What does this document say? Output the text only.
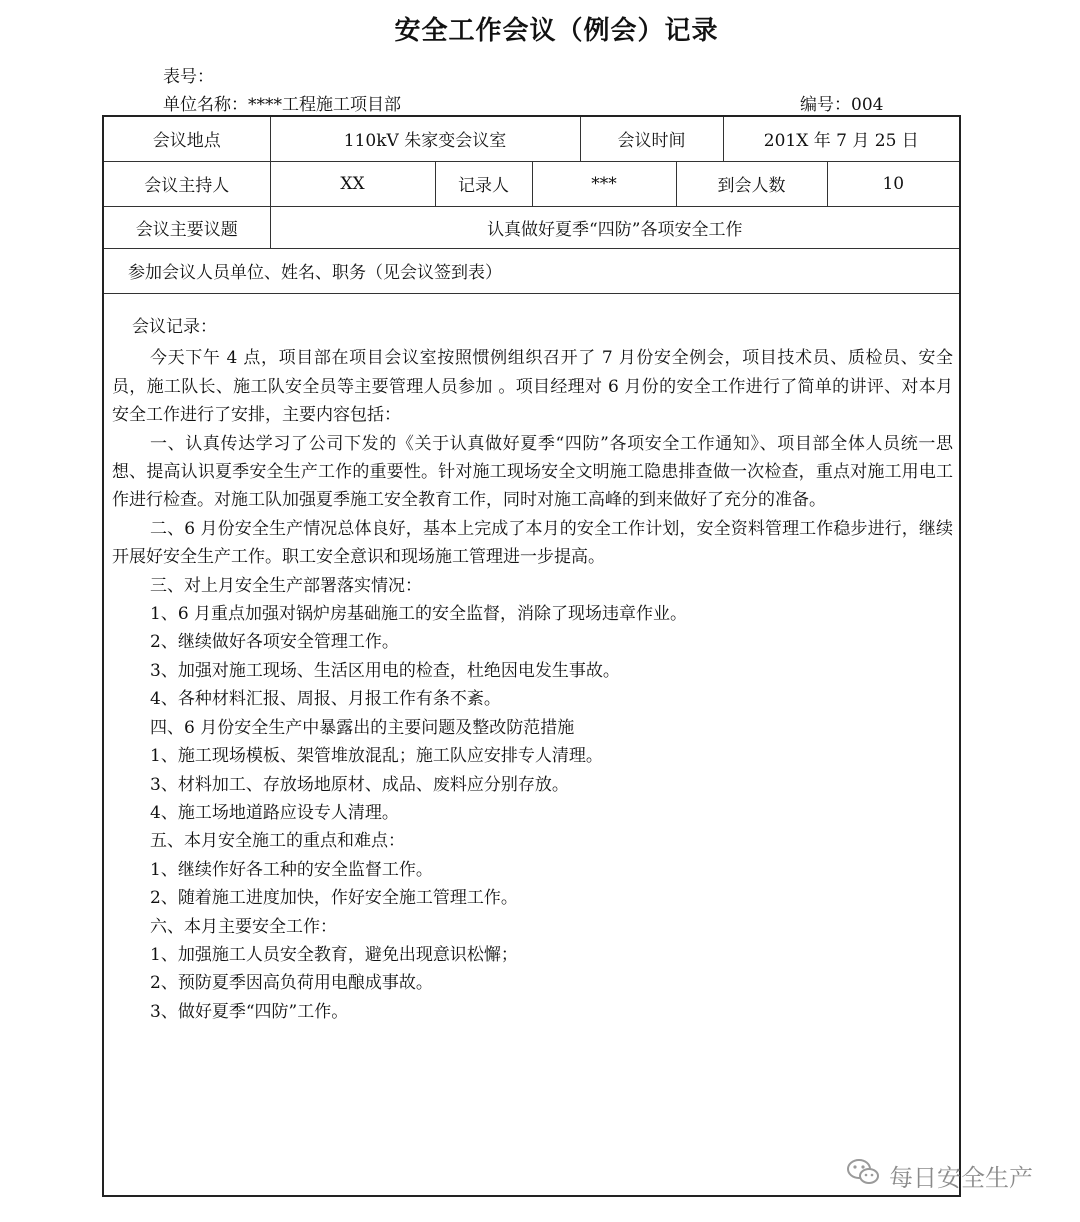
安全工作会议（例会）记录
表号：
单位名称：****工程施工项目部	编号：004
会议地点	110kV 朱家变会议室			会议时间		201X 年 7 月 25 日	
会议主持人	XX	记录人	***		到会人数		10
会议主要议题	认真做好夏季“四防”各项安全工作						
参加会议人员单位、姓名、职务（见会议签到表）							

会议记录：

今天下午 4 点，项目部在项目会议室按照惯例组织召开了 7 月份安全例会，项目技术员、质检员、安全员，施工队长、施工队安全员等主要管理人员参加 。项目经理对 6 月份的安全工作进行了简单的讲评、对本月安全工作进行了安排，主要内容包括：

一、认真传达学习了公司下发的《关于认真做好夏季“四防”各项安全工作通知》、项目部全体人员统一思想、提高认识夏季安全生产工作的重要性。针对施工现场安全文明施工隐患排查做一次检查，重点对施工用电工作进行检查。对施工队加强夏季施工安全教育工作，同时对施工高峰的到来做好了充分的准备。

二、6 月份安全生产情况总体良好，基本上完成了本月的安全工作计划，安全资料管理工作稳步进行，继续开展好安全生产工作。职工安全意识和现场施工管理进一步提高。

三、对上月安全生产部署落实情况：

1、6 月重点加强对锅炉房基础施工的安全监督，消除了现场违章作业。

2、继续做好各项安全管理工作。

3、加强对施工现场、生活区用电的检查，杜绝因电发生事故。

4、各种材料汇报、周报、月报工作有条不紊。

四、6 月份安全生产中暴露出的主要问题及整改防范措施

1、施工现场模板、架管堆放混乱；施工队应安排专人清理。

3、材料加工、存放场地原材、成品、废料应分别存放。

4、施工场地道路应设专人清理。

五、本月安全施工的重点和难点：

1、继续作好各工种的安全监督工作。

2、随着施工进度加快，作好安全施工管理工作。

六、本月主要安全工作：

1、加强施工人员安全教育，避免出现意识松懈；

2、预防夏季因高负荷用电酿成事故。

3、做好夏季“四防”工作。

每日安全生产
